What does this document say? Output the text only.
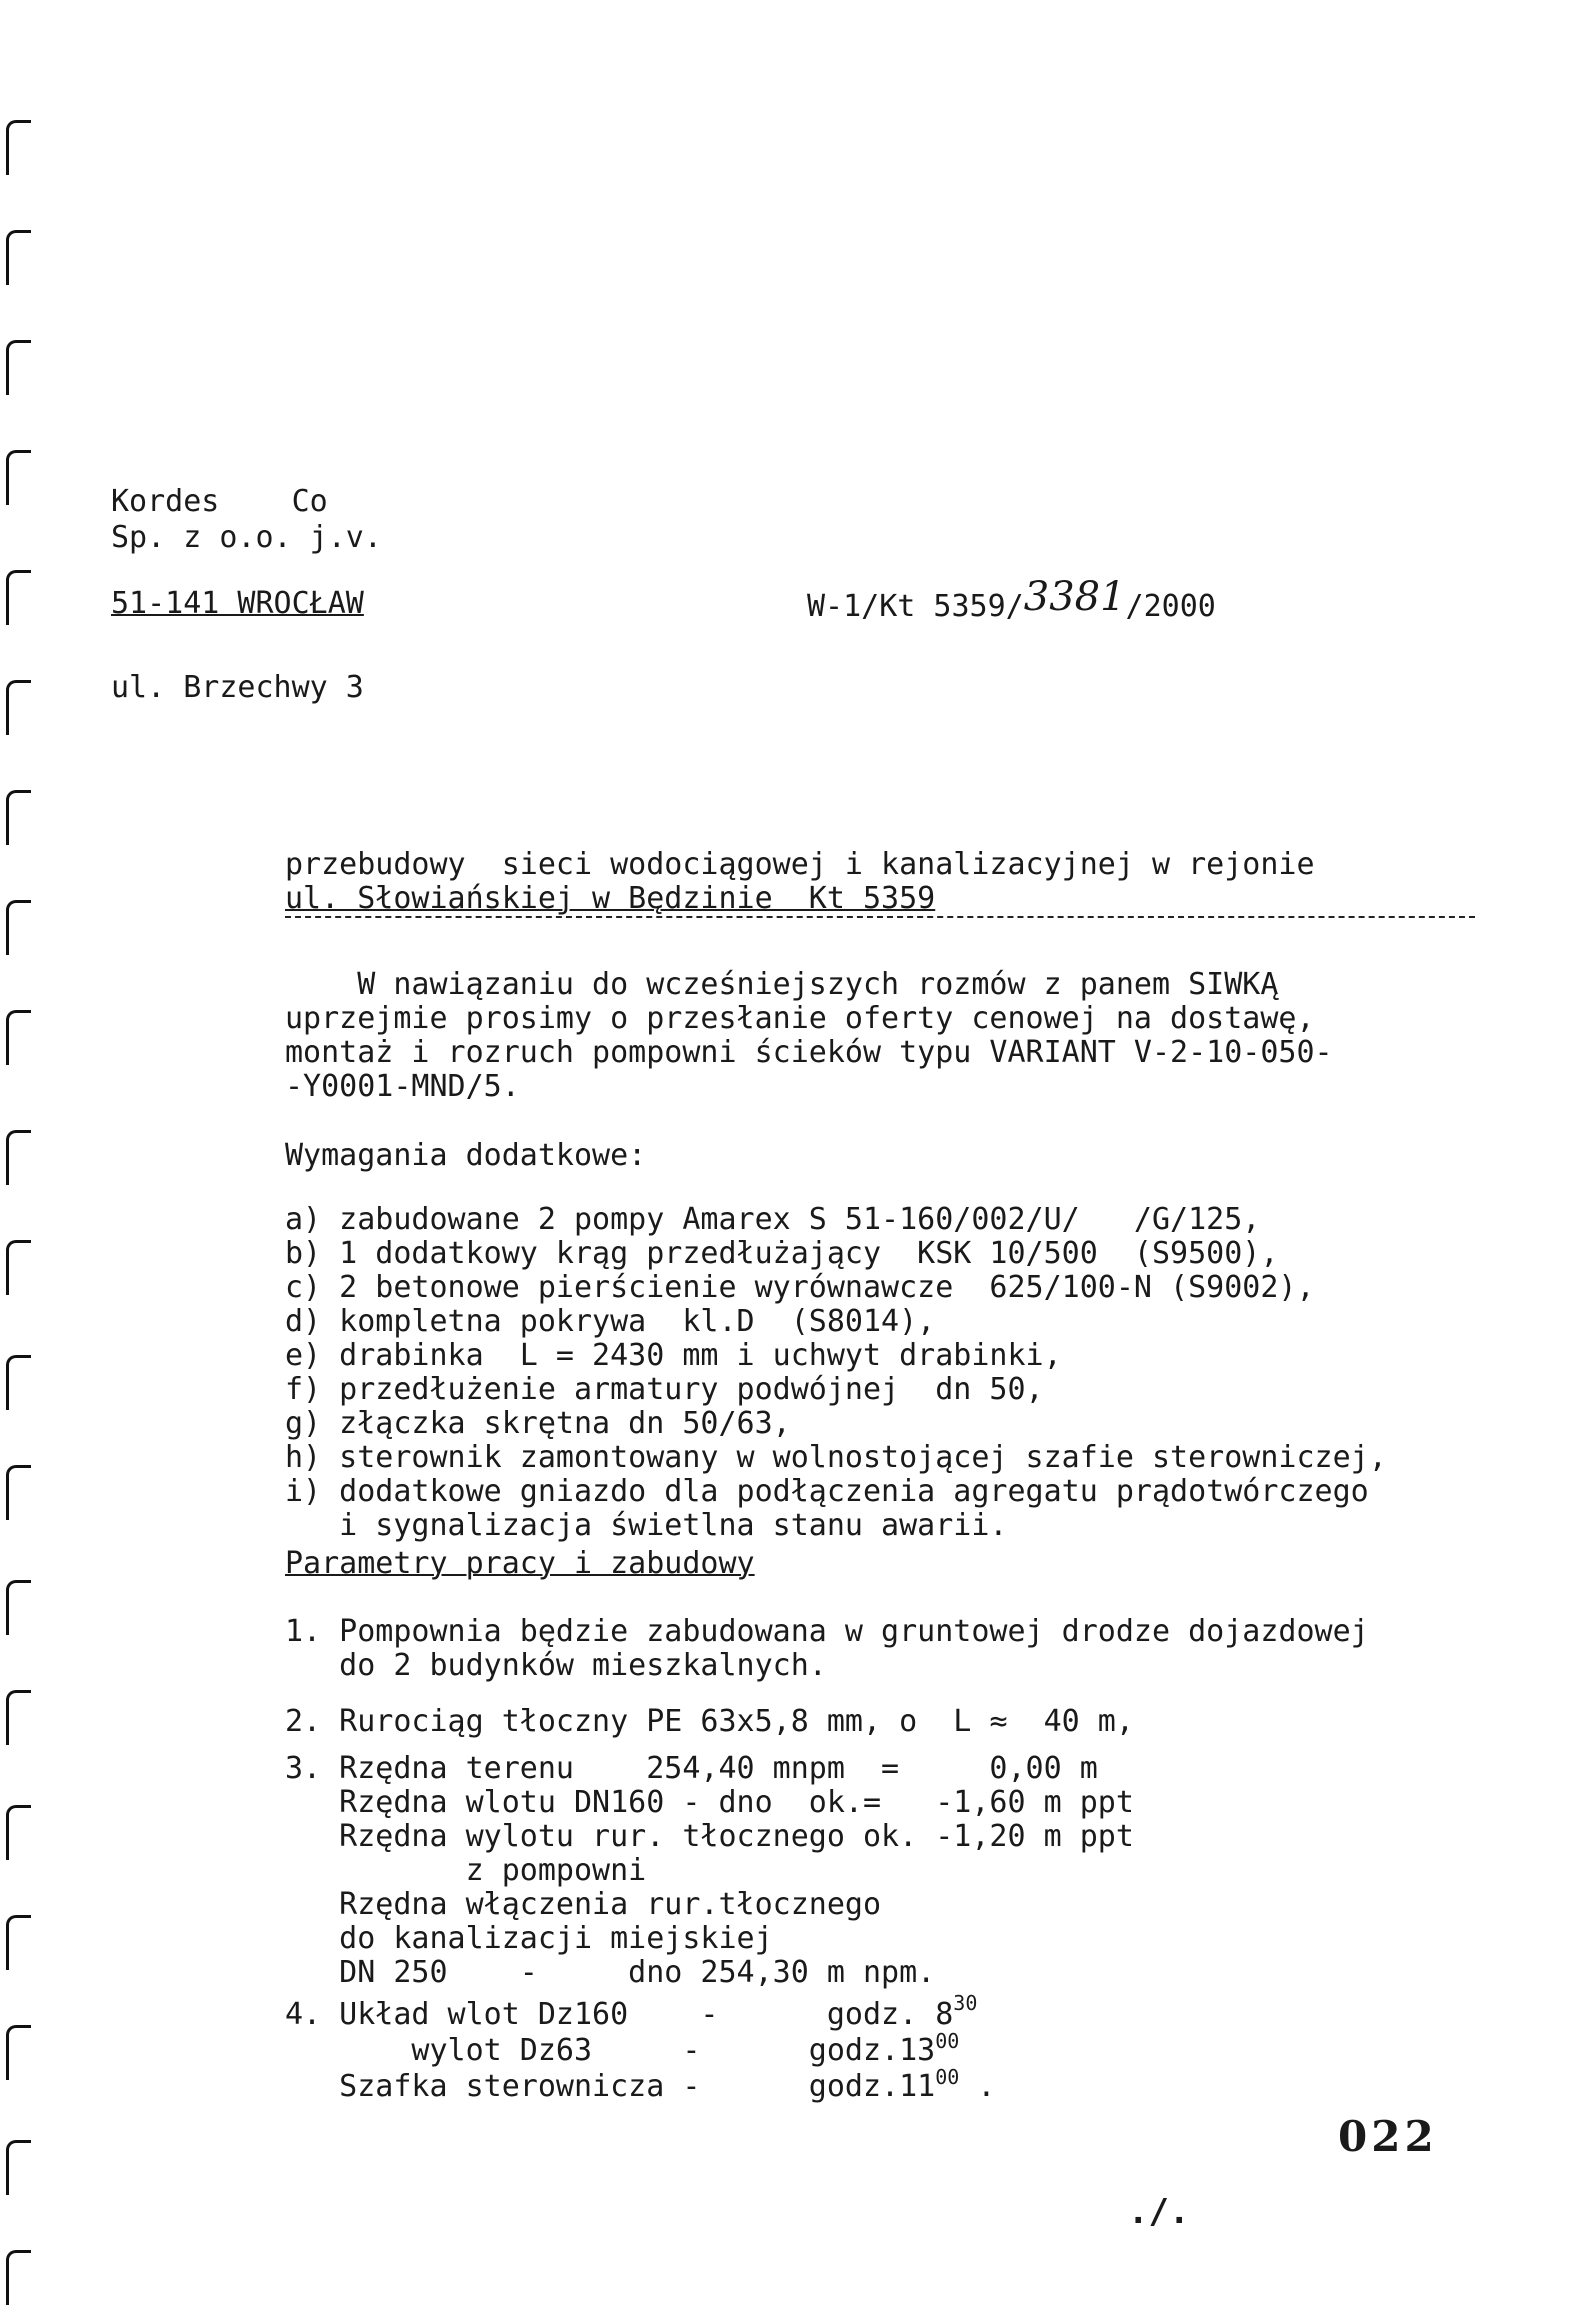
Kordes    Co
Sp. z o.o. j.v.
51-141 WROCŁAW
ul. Brzechwy 3
W-1/Kt 5359/3381/2000
przebudowy  sieci wodociągowej i kanalizacyjnej w rejonie
ul. Słowiańskiej w Będzinie  Kt 5359
W nawiązaniu do wcześniejszych rozmów z panem SIWKĄ
uprzejmie prosimy o przesłanie oferty cenowej na dostawę,
montaż i rozruch pompowni ścieków typu VARIANT V-2-10-050-
-Y0001-MND/5.
Wymagania dodatkowe:
a) zabudowane 2 pompy Amarex S 51-160/002/U/   /G/125,
b) 1 dodatkowy krąg przedłużający  KSK 10/500  (S9500),
c) 2 betonowe pierścienie wyrównawcze  625/100-N (S9002),
d) kompletna pokrywa  kl.D  (S8014),
e) drabinka  L = 2430 mm i uchwyt drabinki,
f) przedłużenie armatury podwójnej  dn 50,
g) złączka skrętna dn 50/63,
h) sterownik zamontowany w wolnostojącej szafie sterowniczej,
i) dodatkowe gniazdo dla podłączenia agregatu prądotwórczego
i sygnalizacja świetlna stanu awarii.
Parametry pracy i zabudowy
1. Pompownia będzie zabudowana w gruntowej drodze dojazdowej
do 2 budynków mieszkalnych.
2. Rurociąg tłoczny PE 63x5,8 mm, o  L ≈  40 m,
3. Rzędna terenu    254,40 mnpm  =     0,00 m
Rzędna wlotu DN160 - dno  ok.=   -1,60 m ppt
Rzędna wylotu rur. tłocznego ok. -1,20 m ppt
z pompowni
Rzędna włączenia rur.tłocznego
do kanalizacji miejskiej
DN 250    -     dno 254,30 m npm.
4. Układ wlot Dz160    -      godz. $8^{30}$
wylot Dz63     -      $godz.13^{00}$
Szafka sterownicza -      $godz.11^{00}$ .
022
./.
